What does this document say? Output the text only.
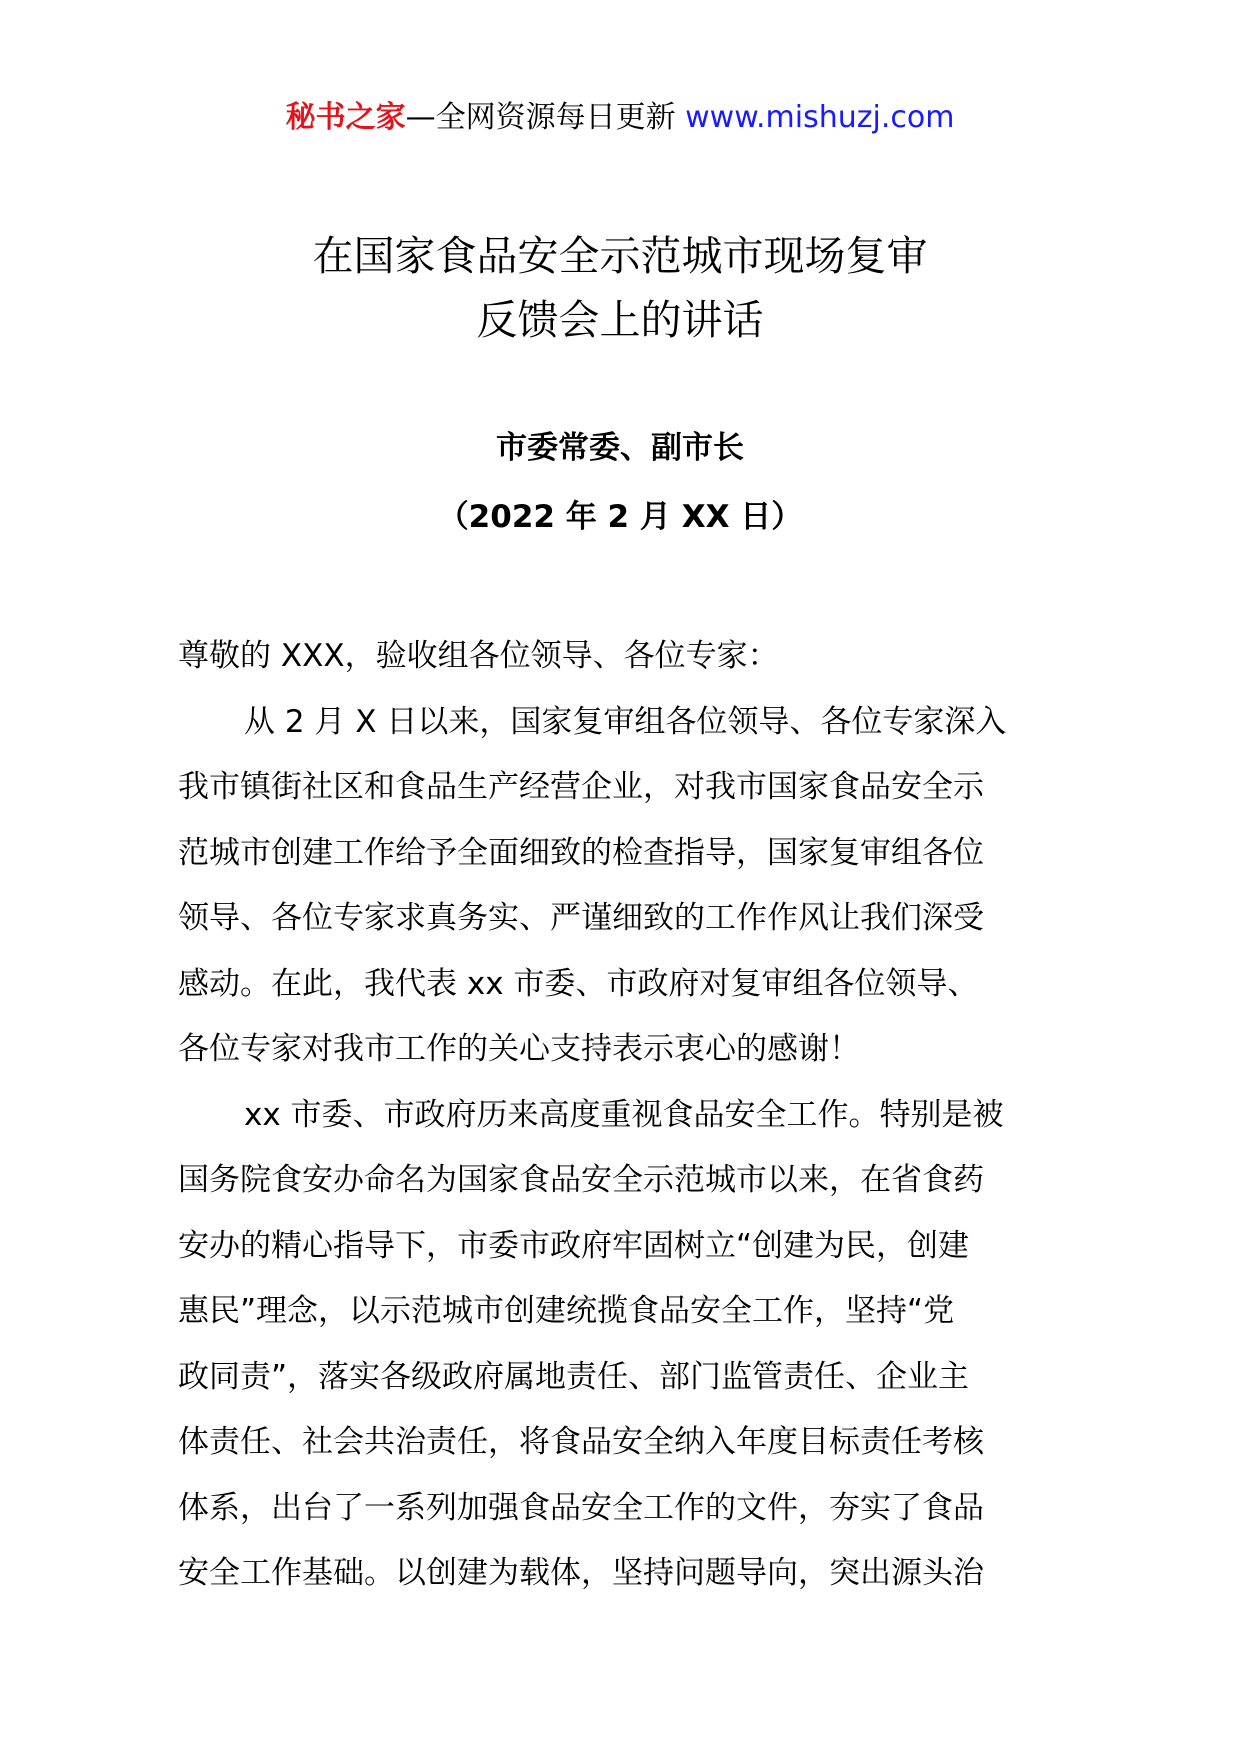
秘书之家—全网资源每日更新 www.mishuzj.com
在国家食品安全示范城市现场复审
反馈会上的讲话
市委常委、副市长
（2022 年 2 月 XX 日）
尊敬的 XXX，验收组各位领导、各位专家：
从 2 月 X 日以来，国家复审组各位领导、各位专家深入
我市镇街社区和食品生产经营企业，对我市国家食品安全示
范城市创建工作给予全面细致的检查指导，国家复审组各位
领导、各位专家求真务实、严谨细致的工作作风让我们深受
感动。在此，我代表 xx 市委、市政府对复审组各位领导、
各位专家对我市工作的关心支持表示衷心的感谢！
xx 市委、市政府历来高度重视食品安全工作。特别是被
国务院食安办命名为国家食品安全示范城市以来，在省食药
安办的精心指导下，市委市政府牢固树立“创建为民，创建
惠民”理念，以示范城市创建统揽食品安全工作，坚持“党
政同责”，落实各级政府属地责任、部门监管责任、企业主
体责任、社会共治责任，将食品安全纳入年度目标责任考核
体系，出台了一系列加强食品安全工作的文件，夯实了食品
安全工作基础。以创建为载体，坚持问题导向，突出源头治
